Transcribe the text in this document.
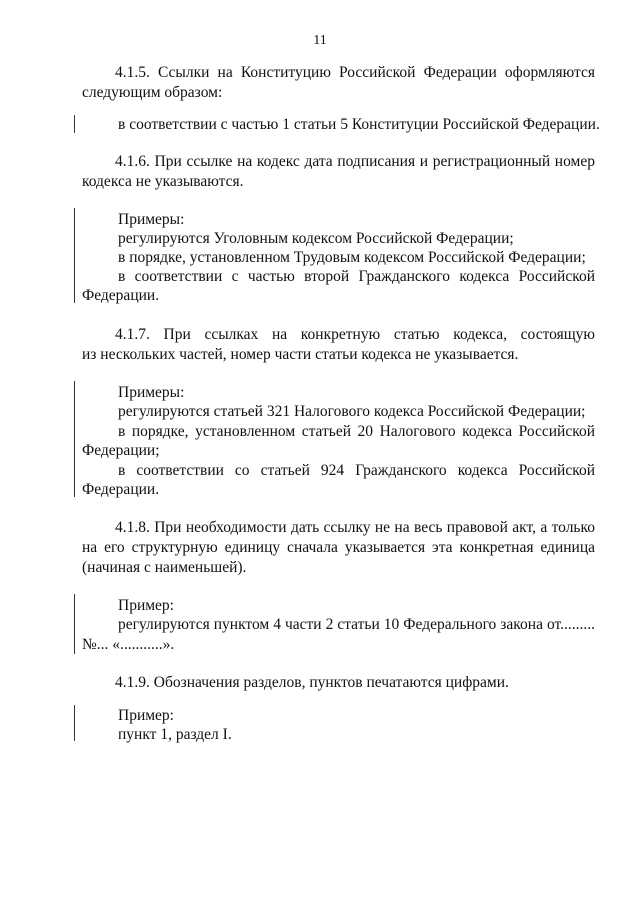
11
4.1.5. Ссылки на Конституцию Российской Федерации оформляются
следующим образом:
в соответствии с частью 1 статьи 5 Конституции Российской Федерации.
4.1.6. При ссылке на кодекс дата подписания и регистрационный номер
кодекса не указываются.
Примеры:
регулируются Уголовным кодексом Российской Федерации;
в порядке, установленном Трудовым кодексом Российской Федерации;
в соответствии с частью второй Гражданского кодекса Российской
Федерации.
4.1.7. При ссылках на конкретную статью кодекса, состоящую
из нескольких частей, номер части статьи кодекса не указывается.
Примеры:
регулируются статьей 321 Налогового кодекса Российской Федерации;
в порядке, установленном статьей 20 Налогового кодекса Российской
Федерации;
в соответствии со статьей 924 Гражданского кодекса Российской
Федерации.
4.1.8. При необходимости дать ссылку не на весь правовой акт, а только
на его структурную единицу сначала указывается эта конкретная единица
(начиная с наименьшей).
Пример:
регулируются пунктом 4 части 2 статьи 10 Федерального закона от.........
№... «...........».
4.1.9. Обозначения разделов, пунктов печатаются цифрами.
Пример:
пункт 1, раздел I.
